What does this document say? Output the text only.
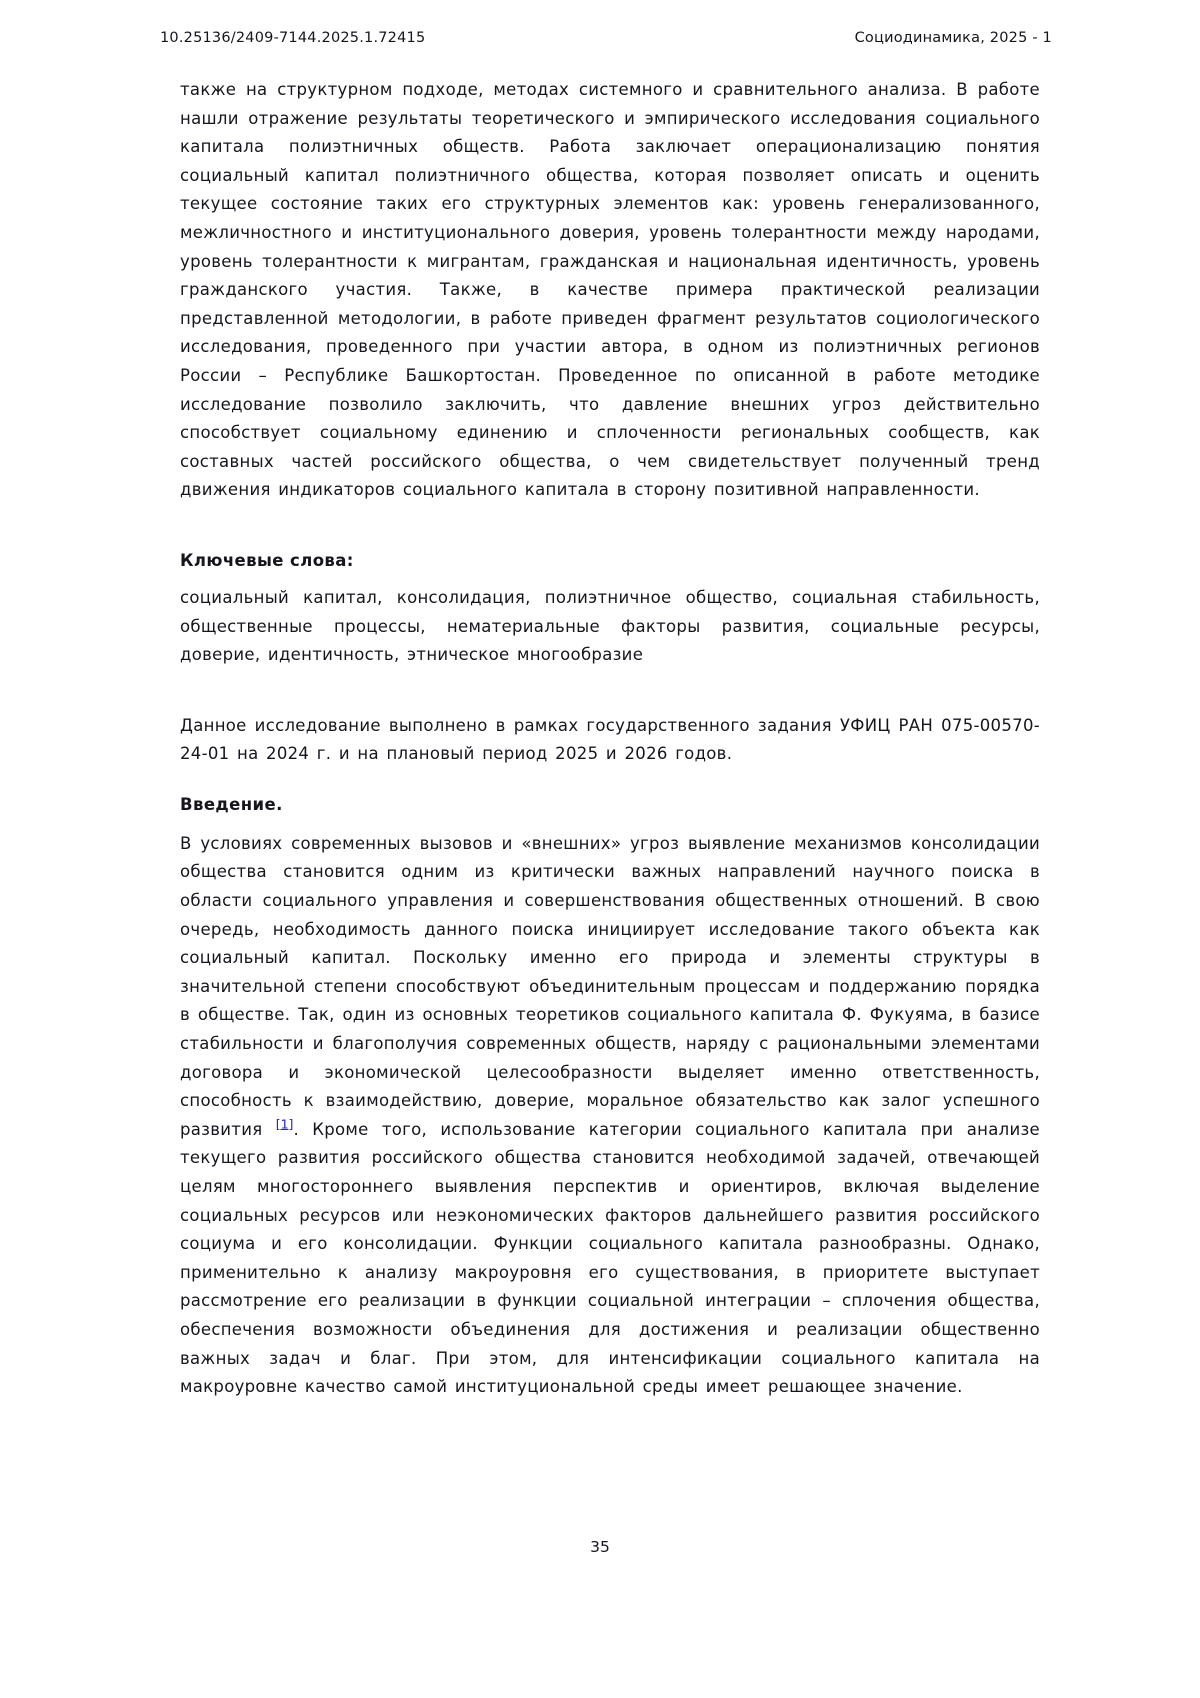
10.25136/2409-7144.2025.1.72415	Социодинамика, 2025 - 1

также на структурном подходе, методах системного и сравнительного анализа. В работе нашли отражение результаты теоретического и эмпирического исследования социального капитала полиэтничных обществ. Работа заключает операционализацию понятия социальный капитал полиэтничного общества, которая позволяет описать и оценить текущее состояние таких его структурных элементов как: уровень генерализованного, межличностного и институционального доверия, уровень толерантности между народами, уровень толерантности к мигрантам, гражданская и национальная идентичность, уровень гражданского участия. Также, в качестве примера практической реализации представленной методологии, в работе приведен фрагмент результатов социологического исследования, проведенного при участии автора, в одном из полиэтничных регионов России – Республике Башкортостан. Проведенное по описанной в работе методике исследование позволило заключить, что давление внешних угроз действительно способствует социальному единению и сплоченности региональных сообществ, как составных частей российского общества, о чем свидетельствует полученный тренд движения индикаторов социального капитала в сторону позитивной направленности.

Ключевые слова:

социальный капитал, консолидация, полиэтничное общество, социальная стабильность, общественные процессы, нематериальные факторы развития, социальные ресурсы, доверие, идентичность, этническое многообразие

Данное исследование выполнено в рамках государственного задания УФИЦ РАН 075-00570-24-01 на 2024 г. и на плановый период 2025 и 2026 годов.

Введение.

В условиях современных вызовов и «внешних» угроз выявление механизмов консолидации общества становится одним из критически важных направлений научного поиска в области социального управления и совершенствования общественных отношений. В свою очередь, необходимость данного поиска инициирует исследование такого объекта как социальный капитал. Поскольку именно его природа и элементы структуры в значительной степени способствуют объединительным процессам и поддержанию порядка в обществе. Так, один из основных теоретиков социального капитала Ф. Фукуяма, в базисе стабильности и благополучия современных обществ, наряду с рациональными элементами договора и экономической целесообразности выделяет именно ответственность, способность к взаимодействию, доверие, моральное обязательство как залог успешного развития [1]. Кроме того, использование категории социального капитала при анализе текущего развития российского общества становится необходимой задачей, отвечающей целям многостороннего выявления перспектив и ориентиров, включая выделение социальных ресурсов или неэкономических факторов дальнейшего развития российского социума и его консолидации. Функции социального капитала разнообразны. Однако, применительно к анализу макроуровня его существования, в приоритете выступает рассмотрение его реализации в функции социальной интеграции – сплочения общества, обеспечения возможности объединения для достижения и реализации общественно важных задач и благ. При этом, для интенсификации социального капитала на макроуровне качество самой институциональной среды имеет решающее значение.

35
